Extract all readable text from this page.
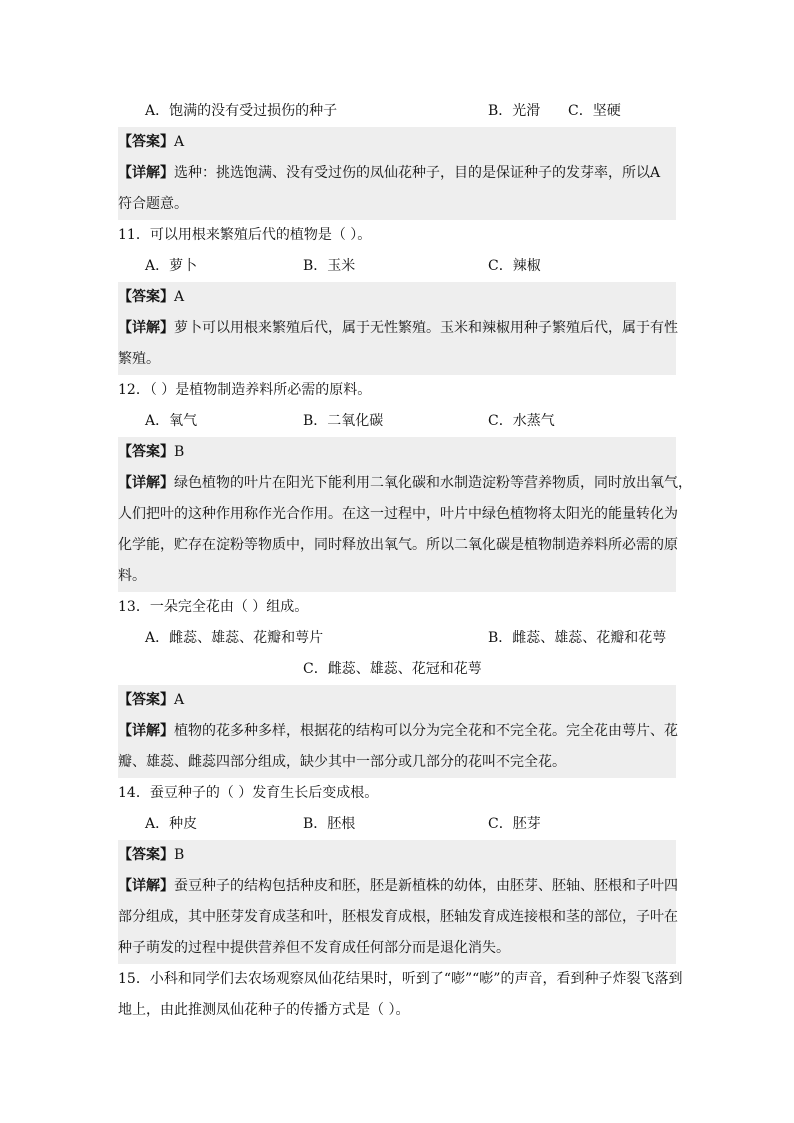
A．饱满的没有受过损伤的种子	B．光滑 C．坚硬
【答案】A
【详解】选种：挑选饱满、没有受过伤的凤仙花种子，目的是保证种子的发芽率，所以A
符合题意。
11．可以用根来繁殖后代的植物是（ ）。
A．萝卜	B．玉米	C．辣椒
【答案】A
【详解】萝卜可以用根来繁殖后代，属于无性繁殖。玉米和辣椒用种子繁殖后代，属于有性
繁殖。
12．（ ）是植物制造养料所必需的原料。
A．氧气	B．二氧化碳	C．水蒸气
【答案】B
【详解】绿色植物的叶片在阳光下能利用二氧化碳和水制造淀粉等营养物质，同时放出氧气，
人们把叶的这种作用称作光合作用。在这一过程中，叶片中绿色植物将太阳光的能量转化为
化学能，贮存在淀粉等物质中，同时释放出氧气。所以二氧化碳是植物制造养料所必需的原
料。
13．一朵完全花由（ ）组成。
A．雌蕊、雄蕊、花瓣和萼片	B．雌蕊、雄蕊、花瓣和花萼
C．雌蕊、雄蕊、花冠和花萼
【答案】A
【详解】植物的花多种多样，根据花的结构可以分为完全花和不完全花。完全花由萼片、花
瓣、雄蕊、雌蕊四部分组成，缺少其中一部分或几部分的花叫不完全花。
14．蚕豆种子的（ ）发育生长后变成根。
A．种皮	B．胚根	C．胚芽
【答案】B
【详解】蚕豆种子的结构包括种皮和胚，胚是新植株的幼体，由胚芽、胚轴、胚根和子叶四
部分组成，其中胚芽发育成茎和叶，胚根发育成根，胚轴发育成连接根和茎的部位，子叶在
种子萌发的过程中提供营养但不发育成任何部分而是退化消失。
15．小科和同学们去农场观察凤仙花结果时，听到了“嘭”“嘭”的声音，看到种子炸裂飞落到
地上，由此推测凤仙花种子的传播方式是（ ）。
